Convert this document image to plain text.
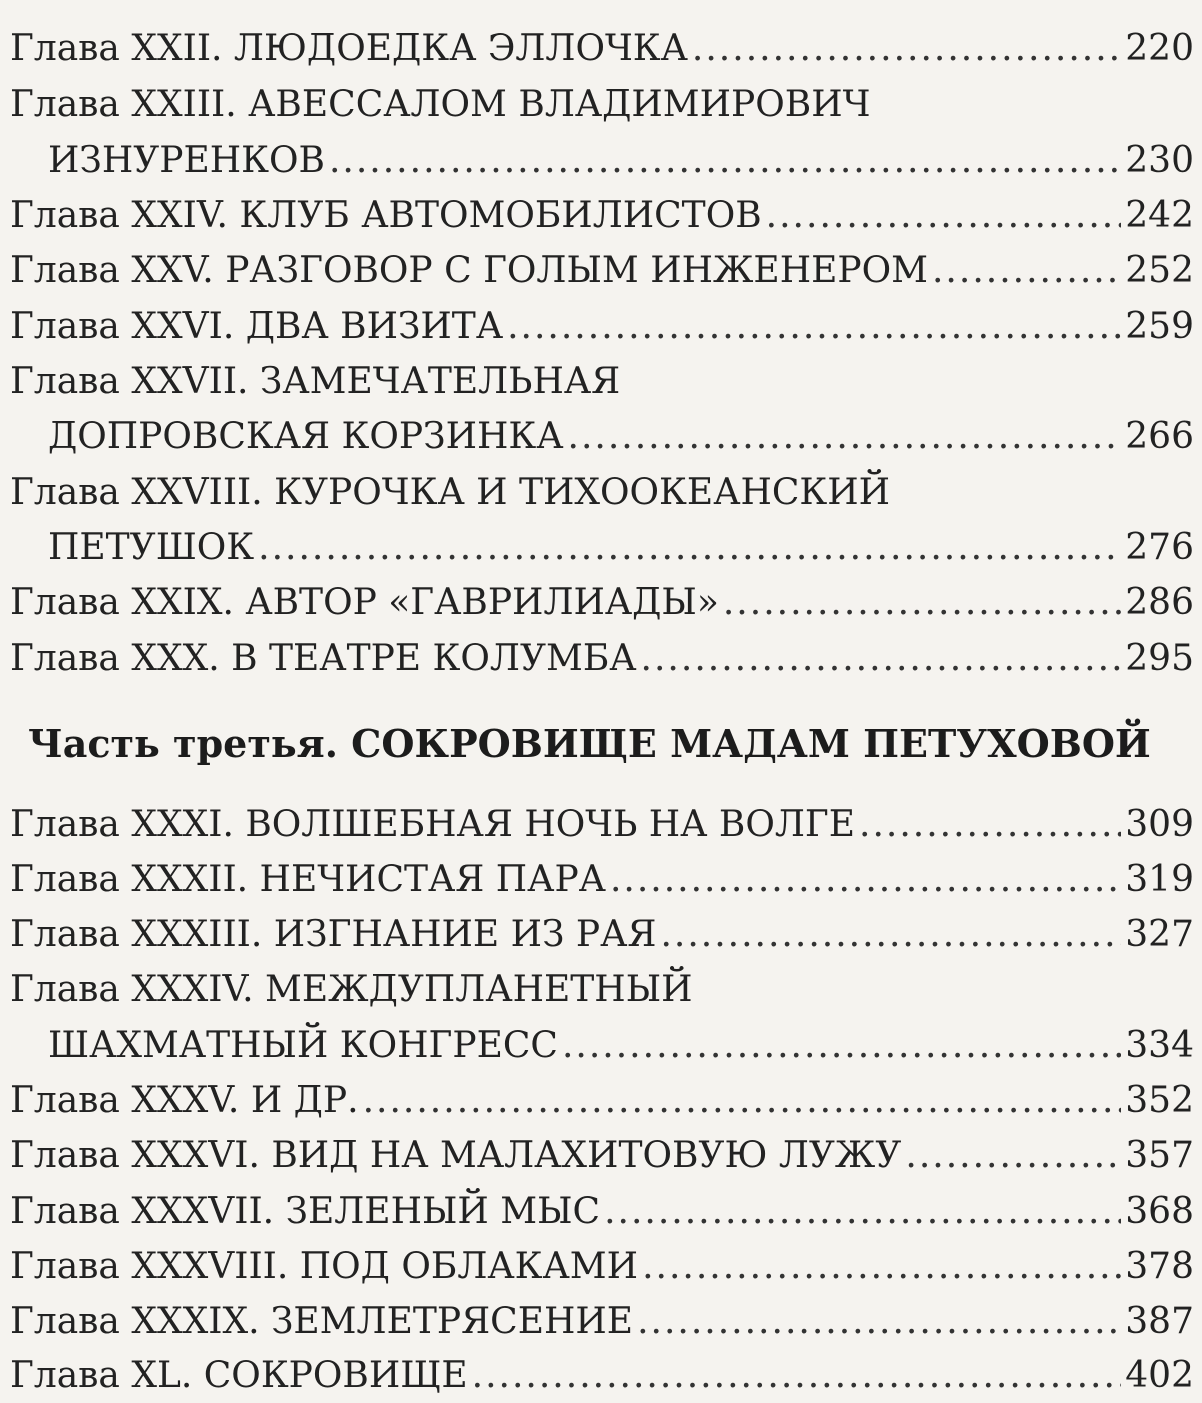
Глава XXII. ЛЮДОЕДКА ЭЛЛОЧКА .....	220
Глава XXIII. АВЕССАЛОМ ВЛАДИМИРОВИЧ
ИЗНУРЕНКОВ .....	230
Глава XXIV. КЛУБ АВТОМОБИЛИСТОВ .....	242
Глава XXV. РАЗГОВОР С ГОЛЫМ ИНЖЕНЕРОМ .....	252
Глава XXVI. ДВА ВИЗИТА .....	259
Глава XXVII. ЗАМЕЧАТЕЛЬНАЯ
ДОПРОВСКАЯ КОРЗИНКА .....	266
Глава XXVIII. КУРОЧКА И ТИХООКЕАНСКИЙ
ПЕТУШОК .....	276
Глава XXIX. АВТОР «ГАВРИЛИАДЫ» .....	286
Глава XXX. В ТЕАТРЕ КОЛУМБА .....	295
Часть третья. СОКРОВИЩЕ МАДАМ ПЕТУХОВОЙ
Глава XXXI. ВОЛШЕБНАЯ НОЧЬ НА ВОЛГЕ .....	309
Глава XXXII. НЕЧИСТАЯ ПАРА .....	319
Глава XXXIII. ИЗГНАНИЕ ИЗ РАЯ .....	327
Глава XXXIV. МЕЖДУПЛАНЕТНЫЙ
ШАХМАТНЫЙ КОНГРЕСС .....	334
Глава XXXV. И ДР. .....	352
Глава XXXVI. ВИД НА МАЛАХИТОВУЮ ЛУЖУ .....	357
Глава XXXVII. ЗЕЛЕНЫЙ МЫС .....	368
Глава XXXVIII. ПОД ОБЛАКАМИ .....	378
Глава XXXIX. ЗЕМЛЕТРЯСЕНИЕ .....	387
Глава XL. СОКРОВИЩЕ .....	402
